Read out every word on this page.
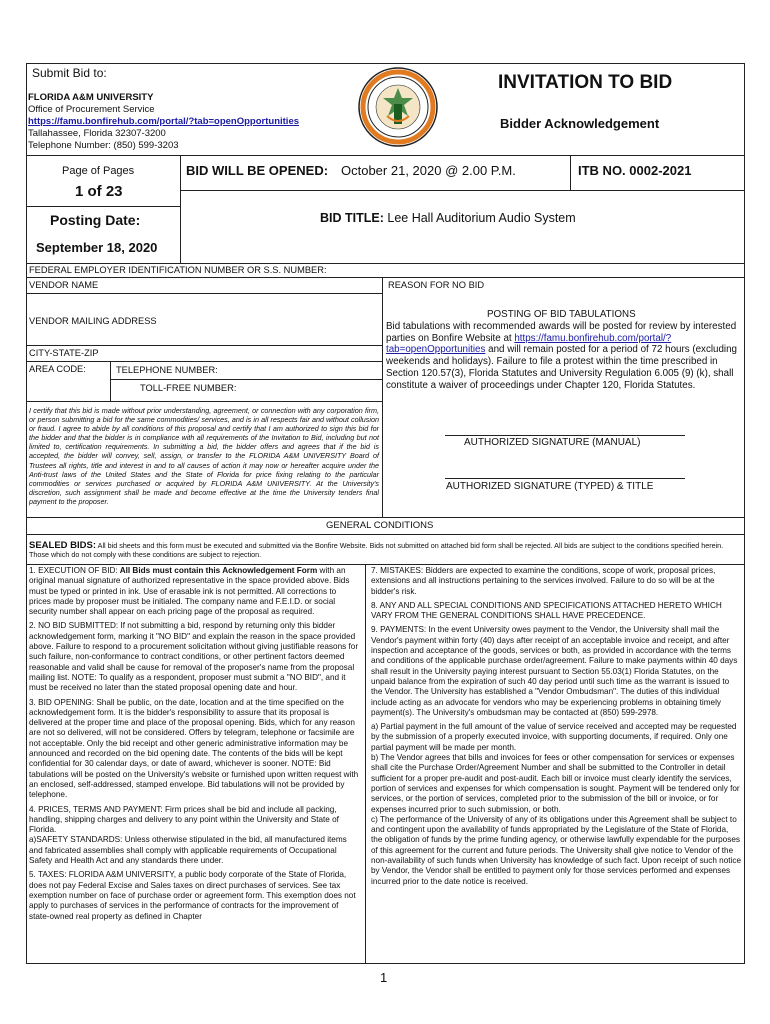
Submit Bid to:
FLORIDA A&M UNIVERSITY
Office of Procurement Service
https://famu.bonfirehub.com/portal/?tab=openOpportunities
Tallahassee, Florida 32307-3200
Telephone Number: (850) 599-3203
INVITATION TO BID
Bidder Acknowledgement
Page of Pages
1 of 23
BID WILL BE OPENED: October 21, 2020 @ 2.00 P.M.	ITB NO. 0002-2021
Posting Date:
September 18, 2020
BID TITLE: Lee Hall Auditorium Audio System
FEDERAL EMPLOYER IDENTIFICATION NUMBER OR S.S. NUMBER:
VENDOR NAME	REASON FOR NO BID
VENDOR MAILING ADDRESS
CITY-STATE-ZIP
AREA CODE:	TELEPHONE NUMBER:
TOLL-FREE NUMBER:
POSTING OF BID TABULATIONS
Bid tabulations with recommended awards will be posted for review by interested parties on Bonfire Website at https://famu.bonfirehub.com/portal/?tab=openOpportunities and will remain posted for a period of 72 hours (excluding weekends and holidays). Failure to file a protest within the time prescribed in Section 120.57(3), Florida Statutes and University Regulation 6.005 (9) (k), shall constitute a waiver of proceedings under Chapter 120, Florida Statutes.
I certify that this bid is made without prior understanding, agreement, or connection with any corporation firm, or person submitting a bid for the same commodities/ services, and is in all respects fair and without collusion or fraud. I agree to abide by all conditions of this proposal and certify that I am authorized to sign this bid for the bidder and that the bidder is in compliance with all requirements of the Invitation to Bid, including but not limited to, certification requirements. In submitting a bid, the bidder offers and agrees that if the bid is accepted, the bidder will convey, sell, assign, or transfer to the FLORIDA A&M UNIVERSITY Board of Trustees all rights, title and interest in and to all causes of action it may now or hereafter acquire under the Anti-trust laws of the United States and the State of Florida for price fixing relating to the particular commodities or services purchased or acquired by FLORIDA A&M UNIVERSITY. At the University's discretion, such assignment shall be made and become effective at the time the University tenders final payment to the proposer.
AUTHORIZED SIGNATURE (MANUAL)
AUTHORIZED SIGNATURE (TYPED) & TITLE
GENERAL CONDITIONS
SEALED BIDS: All bid sheets and this form must be executed and submitted via the Bonfire Website. Bids not submitted on attached bid form shall be rejected. All bids are subject to the conditions specified herein. Those which do not comply with these conditions are subject to rejection.
1. EXECUTION OF BID: All Bids must contain this Acknowledgement Form with an original manual signature of authorized representative in the space provided above. Bids must be typed or printed in ink. Use of erasable ink is not permitted. All corrections to prices made by proposer must be initialed. The company name and F.E.I.D. or social security number shall appear on each pricing page of the proposal as required.
2. NO BID SUBMITTED: If not submitting a bid, respond by returning only this bidder acknowledgement form, marking it "NO BID" and explain the reason in the space provided above. Failure to respond to a procurement solicitation without giving justifiable reasons for such failure, non-conformance to contract conditions, or other pertinent factors deemed reasonable and valid shall be cause for removal of the proposer's name from the proposal mailing list. NOTE: To qualify as a respondent, proposer must submit a "NO BID", and it must be received no later than the stated proposal opening date and hour.
3. BID OPENING: Shall be public, on the date, location and at the time specified on the acknowledgement form. It is the bidder's responsibility to assure that its proposal is delivered at the proper time and place of the proposal opening. Bids, which for any reason are not so delivered, will not be considered. Offers by telegram, telephone or facsimile are not acceptable. Only the bid receipt and other generic administrative information may be announced and recorded on the bid opening date. The contents of the bids will be kept confidential for 30 calendar days, or date of award, whichever is sooner. NOTE: Bid tabulations will be posted on the University's website or furnished upon written request with an enclosed, self-addressed, stamped envelope. Bid tabulations will not be provided by telephone.
4. PRICES, TERMS AND PAYMENT: Firm prices shall be bid and include all packing, handling, shipping charges and delivery to any point within the University and State of Florida.
a)SAFETY STANDARDS: Unless otherwise stipulated in the bid, all manufactured items and fabricated assemblies shall comply with applicable requirements of Occupational Safety and Health Act and any standards there under.
5. TAXES: FLORIDA A&M UNIVERSITY, a public body corporate of the State of Florida, does not pay Federal Excise and Sales taxes on direct purchases of services. See tax exemption number on face of purchase order or agreement form. This exemption does not apply to purchases of services in the performance of contracts for the improvement of state-owned real property as defined in Chapter
7. MISTAKES: Bidders are expected to examine the conditions, scope of work, proposal prices, extensions and all instructions pertaining to the services involved. Failure to do so will be at the bidder's risk.
8. ANY AND ALL SPECIAL CONDITIONS AND SPECIFICATIONS ATTACHED HERETO WHICH VARY FROM THE GENERAL CONDITIONS SHALL HAVE PRECEDENCE.
9. PAYMENTS: In the event University owes payment to the Vendor, the University shall mail the Vendor's payment within forty (40) days after receipt of an acceptable invoice and receipt, and after inspection and acceptance of the goods, services or both, as provided in accordance with the terms and conditions of the applicable purchase order/agreement. Failure to make payments within 40 days shall result in the University paying interest pursuant to Section 55.03(1) Florida Statutes, on the unpaid balance from the expiration of such 40 day period until such time as the warrant is issued to the Vendor. The University has established a "Vendor Ombudsman". The duties of this individual include acting as an advocate for vendors who may be experiencing problems in obtaining timely payment(s). The University's ombudsman may be contacted at (850) 599-2978.
a) Partial payment in the full amount of the value of service received and accepted may be requested by the submission of a properly executed invoice, with supporting documents, if required. Only one partial payment will be made per month.
b) The Vendor agrees that bills and invoices for fees or other compensation for services or expenses shall cite the Purchase Order/Agreement Number and shall be submitted to the Controller in detail sufficient for a proper pre-audit and post-audit. Each bill or invoice must clearly identify the services, portion of services and expenses for which compensation is sought. Payment will be tendered only for services, or the portion of services, completed prior to the submission of the bill or invoice, or for expenses incurred prior to such submission, or both.
c) The performance of the University of any of its obligations under this Agreement shall be subject to and contingent upon the availability of funds appropriated by the Legislature of the State of Florida, the obligation of funds by the prime funding agency, or otherwise lawfully expendable for the purposes of this agreement for the current and future periods. The University shall give notice to Vendor of the non-availability of such funds when University has knowledge of such fact. Upon receipt of such notice by Vendor, the Vendor shall be entitled to payment only for those services performed and expenses incurred prior to the date notice is received.
1
